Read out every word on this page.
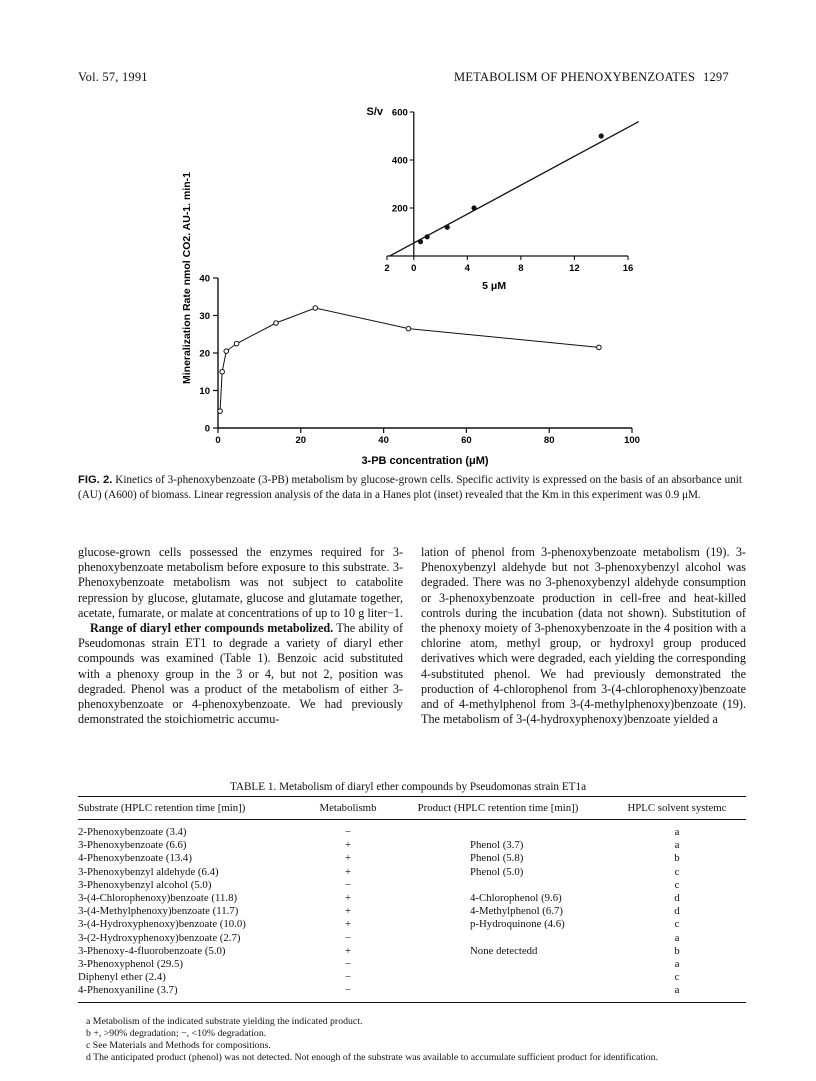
Vol. 57, 1991	METABOLISM OF PHENOXYBENZOATES 1297
0	20	40	60	80	100
0
10
20
30
40
3-PB concentration (μM)
Mineralization Rate nmol CO2. AU-1. min-1	2 0	4	8	12	16
200
400
600
5 μM
S/v
FIG. 2. Kinetics of 3-phenoxybenzoate (3-PB) metabolism by glucose-grown cells. Specific activity is expressed on the basis of an absorbance unit (AU) (A600) of biomass. Linear regression analysis of the data in a Hanes plot (inset) revealed that the Km in this experiment was 0.9 μM.

glucose-grown cells possessed the enzymes required for 3-phenoxybenzoate metabolism before exposure to this substrate. 3-Phenoxybenzoate metabolism was not subject to catabolite repression by glucose, glutamate, glucose and glutamate together, acetate, fumarate, or malate at concentrations of up to 10 g liter−1.

Range of diaryl ether compounds metabolized. The ability of Pseudomonas strain ET1 to degrade a variety of diaryl ether compounds was examined (Table 1). Benzoic acid substituted with a phenoxy group in the 3 or 4, but not 2, position was degraded. Phenol was a product of the metabolism of either 3-phenoxybenzoate or 4-phenoxybenzoate. We had previously demonstrated the stoichiometric accumu-

lation of phenol from 3-phenoxybenzoate metabolism (19). 3-Phenoxybenzyl aldehyde but not 3-phenoxybenzyl alcohol was degraded. There was no 3-phenoxybenzyl aldehyde consumption or 3-phenoxybenzoate production in cell-free and heat-killed controls during the incubation (data not shown). Substitution of the phenoxy moiety of 3-phenoxybenzoate in the 4 position with a chlorine atom, methyl group, or hydroxyl group produced derivatives which were degraded, each yielding the corresponding 4-substituted phenol. We had previously demonstrated the production of 4-chlorophenol from 3-(4-chlorophenoxy)benzoate and of 4-methylphenol from 3-(4-methylphenoxy)benzoate (19). The metabolism of 3-(4-hydroxyphenoxy)benzoate yielded a

TABLE 1. Metabolism of diaryl ether compounds by Pseudomonas strain ET1a
Substrate (HPLC retention time [min])	Metabolismb	Product (HPLC retention time [min])	HPLC solvent systemc
2-Phenoxybenzoate (3.4)	−		a
3-Phenoxybenzoate (6.6)	+	Phenol (3.7)	a
4-Phenoxybenzoate (13.4)	+	Phenol (5.8)	b
3-Phenoxybenzyl aldehyde (6.4)	+	Phenol (5.0)	c
3-Phenoxybenzyl alcohol (5.0)	−		c
3-(4-Chlorophenoxy)benzoate (11.8)	+	4-Chlorophenol (9.6)	d
3-(4-Methylphenoxy)benzoate (11.7)	+	4-Methylphenol (6.7)	d
3-(4-Hydroxyphenoxy)benzoate (10.0)	+	p-Hydroquinone (4.6)	c
3-(2-Hydroxyphenoxy)benzoate (2.7)	−		a
3-Phenoxy-4-fluorobenzoate (5.0)	+	None detectedd	b
3-Phenoxyphenol (29.5)	−		a
Diphenyl ether (2.4)	−		c
4-Phenoxyaniline (3.7)	−		a
a Metabolism of the indicated substrate yielding the indicated product.
b +, >90% degradation; −, <10% degradation.
c See Materials and Methods for compositions.
d The anticipated product (phenol) was not detected. Not enough of the substrate was available to accumulate sufficient product for identification.
